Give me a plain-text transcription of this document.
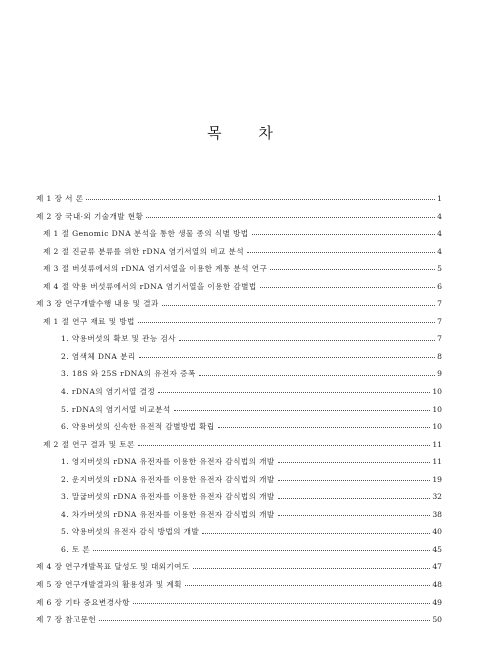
목 차
제 1 장 서 론	1
제 2 장 국내·외 기술개발 현황	4
제 1 절 Genomic DNA 분석을 통한 생물 종의 식별 방법	4
제 2 절 진균류 분류를 위한 rDNA 염기서열의 비교 분석	4
제 3 절 버섯류에서의 rDNA 염기서열을 이용한 계통 분석 연구	5
제 4 절 약용 버섯류에서의 rDNA 염기서열을 이용한 감별법	6
제 3 장 연구개발수행 내용 및 결과	7
제 1 절 연구 재료 및 방법	7
1. 약용버섯의 확보 및 관능 검사	7
2. 염색체 DNA 분리	8
3. 18S 와 25S rDNA의 유전자 증폭	9
4. rDNA의 염기서열 결정	10
5. rDNA의 염기서열 비교분석	10
6. 약용버섯의 신속한 유전적 감별방법 확립	10
제 2 절 연구 결과 및 토론	11
1. 영지버섯의 rDNA 유전자를 이용한 유전자 감식법의 개발	11
2. 운지버섯의 rDNA 유전자를 이용한 유전자 감식법의 개발	19
3. 말굽버섯의 rDNA 유전자를 이용한 유전자 감식법의 개발	32
4. 차가버섯의 rDNA 유전자를 이용한 유전자 감식법의 개발	38
5. 약용버섯의 유전자 감식 방법의 개발	40
6. 토 론	45
제 4 장 연구개발목표 달성도 및 대외기여도	47
제 5 장 연구개발결과의 활용성과 및 계획	48
제 6 장 기타 중요변경사항	49
제 7 장 참고문헌	50
